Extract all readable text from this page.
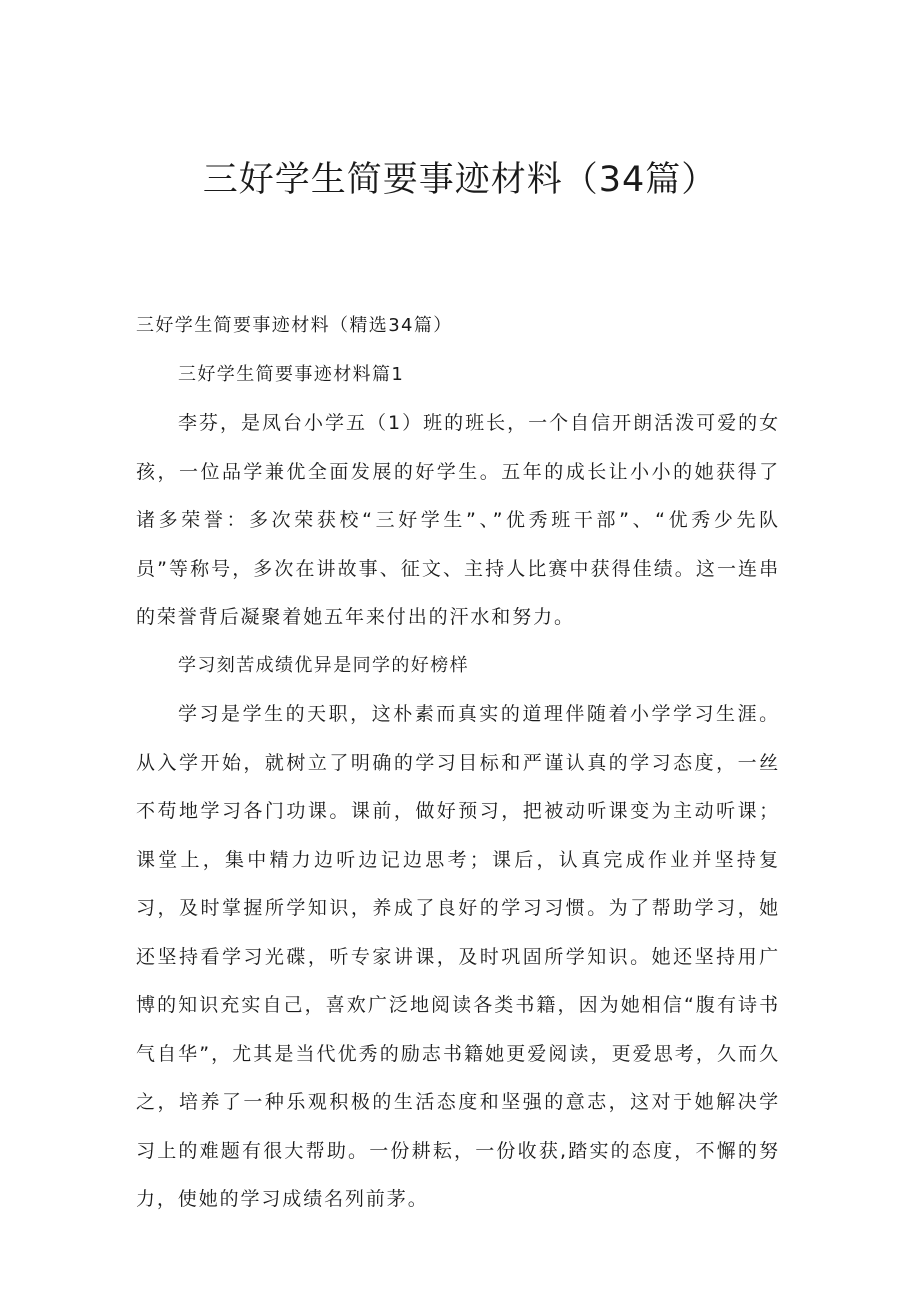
三好学生简要事迹材料（34篇）

三好学生简要事迹材料（精选34篇）

三好学生简要事迹材料篇1

李芬，是凤台小学五（1）班的班长，一个自信开朗活泼可爱的女孩，一位品学兼优全面发展的好学生。五年的成长让小小的她获得了诸多荣誉：多次荣获校“三好学生”、”优秀班干部”、“优秀少先队员”等称号，多次在讲故事、征文、主持人比赛中获得佳绩。这一连串的荣誉背后凝聚着她五年来付出的汗水和努力。

学习刻苦成绩优异是同学的好榜样

学习是学生的天职，这朴素而真实的道理伴随着小学学习生涯。从入学开始，就树立了明确的学习目标和严谨认真的学习态度，一丝不苟地学习各门功课。课前，做好预习，把被动听课变为主动听课；课堂上，集中精力边听边记边思考；课后，认真完成作业并坚持复习，及时掌握所学知识，养成了良好的学习习惯。为了帮助学习，她还坚持看学习光碟，听专家讲课，及时巩固所学知识。她还坚持用广博的知识充实自己，喜欢广泛地阅读各类书籍，因为她相信“腹有诗书气自华”，尤其是当代优秀的励志书籍她更爱阅读，更爱思考，久而久之，培养了一种乐观积极的生活态度和坚强的意志，这对于她解决学习上的难题有很大帮助。一份耕耘，一份收获,踏实的态度，不懈的努力，使她的学习成绩名列前茅。
